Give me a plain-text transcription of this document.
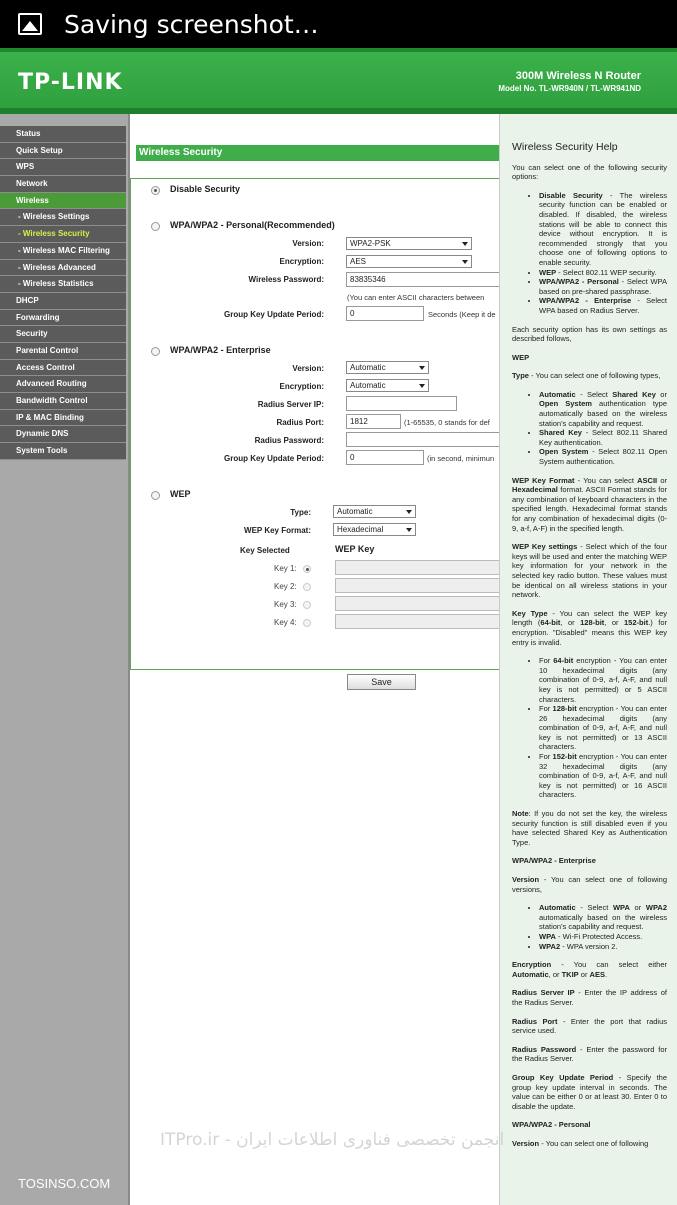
Saving screenshot…
TP-LINK	300M Wireless N Router
Model No. TL-WR940N / TL-WR941ND
Status
Quick Setup
WPS
Network
Wireless
- Wireless Settings
- Wireless Security
- Wireless MAC Filtering
- Wireless Advanced
- Wireless Statistics
DHCP
Forwarding
Security
Parental Control
Access Control
Advanced Routing
Bandwidth Control
IP & MAC Binding
Dynamic DNS
System Tools
Wireless Security
Disable Security
WPA/WPA2 - Personal(Recommended)
Version:	WPA2-PSK
Encryption:	AES
Wireless Password:	83835346
(You can enter ASCII characters between
Group Key Update Period:	0	Seconds (Keep it de
WPA/WPA2 - Enterprise
Version:	Automatic
Encryption:	Automatic
Radius Server IP:
Radius Port:	1812	(1-65535, 0 stands for def
Radius Password:
Group Key Update Period:	0	(in second, minimun
WEP
Type:	Automatic
WEP Key Format:	Hexadecimal
Key Selected	WEP Key
Key 1:
Key 2:
Key 3:
Key 4:
Save
Wireless Security Help

You can select one of the following security options:

• Disable Security - The wireless security function can be enabled or disabled. If disabled, the wireless stations will be able to connect this device without encryption. It is recommended strongly that you choose one of following options to enable security.
• WEP - Select 802.11 WEP security.
• WPA/WPA2 - Personal - Select WPA based on pre-shared passphrase.
• WPA/WPA2 - Enterprise - Select WPA based on Radius Server.

Each security option has its own settings as described follows,

WEP

Type - You can select one of following types,

• Automatic - Select Shared Key or Open System authentication type automatically based on the wireless station's capability and request.
• Shared Key - Select 802.11 Shared Key authentication.
• Open System - Select 802.11 Open System authentication.

WEP Key Format - You can select ASCII or Hexadecimal format. ASCII Format stands for any combination of keyboard characters in the specified length. Hexadecimal format stands for any combination of hexadecimal digits (0-9, a-f, A-F) in the specified length.

WEP Key settings - Select which of the four keys will be used and enter the matching WEP key information for your network in the selected key radio button. These values must be identical on all wireless stations in your network.

Key Type - You can select the WEP key length (64-bit, or 128-bit, or 152-bit.) for encryption. "Disabled" means this WEP key entry is invalid.

• For 64-bit encryption - You can enter 10 hexadecimal digits (any combination of 0-9, a-f, A-F, and null key is not permitted) or 5 ASCII characters.
• For 128-bit encryption - You can enter 26 hexadecimal digits (any combination of 0-9, a-f, A-F, and null key is not permitted) or 13 ASCII characters.
• For 152-bit encryption - You can enter 32 hexadecimal digits (any combination of 0-9, a-f, A-F, and null key is not permitted) or 16 ASCII characters.

Note: If you do not set the key, the wireless security function is still disabled even if you have selected Shared Key as Authentication Type.

WPA/WPA2 - Enterprise

Version - You can select one of following versions,

• Automatic - Select WPA or WPA2 automatically based on the wireless station's capability and request.
• WPA - Wi-Fi Protected Access.
• WPA2 - WPA version 2.

Encryption - You can select either Automatic, or TKIP or AES.

Radius Server IP - Enter the IP address of the Radius Server.

Radius Port - Enter the port that radius service used.

Radius Password - Enter the password for the Radius Server.

Group Key Update Period - Specify the group key update interval in seconds. The value can be either 0 or at least 30. Enter 0 to disable the update.

WPA/WPA2 - Personal

Version - You can select one of following

ITPro.ir - انجمن تخصصی فناوری اطلاعات ایران
TOSINSO.COM
